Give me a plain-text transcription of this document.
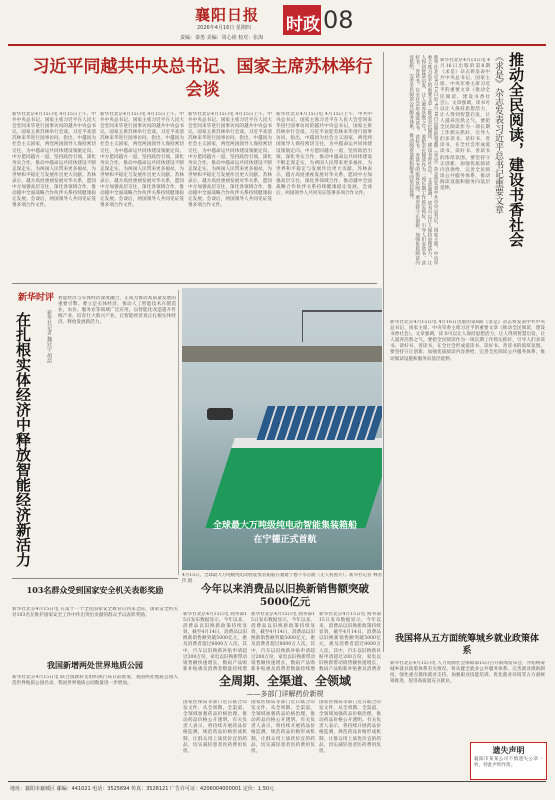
襄阳日报
2026年4月16日 星期四
责编：秦勇 美编：周心铭 校对：张海
时政 08
习近平同越共中央总书记、国家主席苏林举行会谈
新华社北京4月15日电 4月15日上午，中共中央总书记、国家主席习近平在人民大会堂同来华进行国事访问的越共中央总书记、国家主席苏林举行会谈。习近平欢迎苏林来华进行国事访问，指出，中越同为社会主义国家，两党两国领导人保持密切交往，为中越命运共同体建设领航定向。中方愿同越方一道，坚持政治引领，深化务实合作，推动中越命运共同体建设不断走深走实，为两国人民带来更多福祉，为世界和平稳定与发展作出更大贡献。苏林表示，越方高度重视发展对华关系，愿同中方加强高层交往，深化各领域合作，推动越中全面战略合作伙伴关系持续健康稳定发展。会谈后，两国领导人共同见证签署多项合作文件。
新华社北京4月15日电 4月15日上午，中共中央总书记、国家主席习近平在人民大会堂同来华进行国事访问的越共中央总书记、国家主席苏林举行会谈。习近平欢迎苏林来华进行国事访问，指出，中越同为社会主义国家，两党两国领导人保持密切交往，为中越命运共同体建设领航定向。中方愿同越方一道，坚持政治引领，深化务实合作，推动中越命运共同体建设不断走深走实，为两国人民带来更多福祉，为世界和平稳定与发展作出更大贡献。苏林表示，越方高度重视发展对华关系，愿同中方加强高层交往，深化各领域合作，推动越中全面战略合作伙伴关系持续健康稳定发展。会谈后，两国领导人共同见证签署多项合作文件。
新华社北京4月15日电 4月15日上午，中共中央总书记、国家主席习近平在人民大会堂同来华进行国事访问的越共中央总书记、国家主席苏林举行会谈。习近平欢迎苏林来华进行国事访问，指出，中越同为社会主义国家，两党两国领导人保持密切交往，为中越命运共同体建设领航定向。中方愿同越方一道，坚持政治引领，深化务实合作，推动中越命运共同体建设不断走深走实，为两国人民带来更多福祉，为世界和平稳定与发展作出更大贡献。苏林表示，越方高度重视发展对华关系，愿同中方加强高层交往，深化各领域合作，推动越中全面战略合作伙伴关系持续健康稳定发展。会谈后，两国领导人共同见证签署多项合作文件。
新华社北京4月15日电 4月15日上午，中共中央总书记、国家主席习近平在人民大会堂同来华进行国事访问的越共中央总书记、国家主席苏林举行会谈。习近平欢迎苏林来华进行国事访问，指出，中越同为社会主义国家，两党两国领导人保持密切交往，为中越命运共同体建设领航定向。中方愿同越方一道，坚持政治引领，深化务实合作，推动中越命运共同体建设不断走深走实，为两国人民带来更多福祉，为世界和平稳定与发展作出更大贡献。苏林表示，越方高度重视发展对华关系，愿同中方加强高层交往，深化各领域合作，推动越中全面战略合作伙伴关系持续健康稳定发展。会谈后，两国领导人共同见证签署多项合作文件。	新华社北京4月15日电 4月16日出版的第8期《求是》杂志将发表中共中央总书记、国家主席、中央军委主席习近平的重要文章《推动全民阅读，建设书香社会》。文章强调，读书可以让人保持思想活力，让人得到智慧启发，让人滋养浩然之气。要把全民阅读作为一项长期工作抓实抓好，引导人们多读书、读好书、善读书，在全社会形成爱读书、读好书、善读书的浓厚氛围。要坚持守正创新，加强优质阅读内容供给，完善全民阅读公共服务体系，推动阅读设施和服务向基层延伸。	《求是》杂志发表习近平总书记重要文章 推动全民阅读，建设书香社会
新华社北京4月15日电 4月16日出版的第8期《求是》杂志将发表中共中央总书记、国家主席、中央军委主席习近平的重要文章《推动全民阅读，建设书香社会》。文章强调，读书可以让人保持思想活力，让人得到智慧启发，让人滋养浩然之气。要把全民阅读作为一项长期工作抓实抓好，引导人们多读书、读好书、善读书，在全社会形成爱读书、读好书、善读书的浓厚氛围。要坚持守正创新，加强优质阅读内容供给，完善全民阅读公共服务体系，推动阅读设施和服务向基层延伸。
新华社北京4月15日电 4月16日出版的第8期《求是》杂志将发表中共中央总书记、国家主席、中央军委主席习近平的重要文章《推动全民阅读，建设书香社会》。文章强调，读书可以让人保持思想活力，让人得到智慧启发，让人滋养浩然之气。要把全民阅读作为一项长期工作抓实抓好，引导人们多读书、读好书、善读书，在全社会形成爱读书、读好书、善读书的浓厚氛围。要坚持守正创新，加强优质阅读内容供给，完善全民阅读公共服务体系，推动阅读设施和服务向基层延伸。
新华时评
在扎根实体经济中释放智能经济新活力	新华社记者 魏冠宇 胡喆
智能经济与实体经济深度融合，正成为推动高质量发展的重要引擎。要立足实体经济，推动人工智能技术在制造业、农业、服务业等领域广泛应用，以智能化改造提升传统产业，培育壮大新兴产业，让智能经济真正扎根实体经济，释放发展新活力。
全球最大万吨级纯电动智能集装箱船
在宁德正式首航
4月15日，全球最大万吨级纯电动智能集装箱船在福建宁德下水首航（无人机照片）。新华社记者 林善传 摄
今年以来消费品以旧换新销售额突破5000亿元
新华社北京4月15日电 商务部15日发布数据显示，今年以来，消费品以旧换新政策持续显效，截至4月14日，消费品以旧换新销售额突破5000亿元，惠及消费者超过8000万人次。其中，汽车以旧换新补贴申请超过200万份，家电以旧换新带动销售额快速增长，数码产品购新补贴惠及消费者数量持续增
新华社北京4月15日电 商务部15日发布数据显示，今年以来，消费品以旧换新政策持续显效，截至4月14日，消费品以旧换新销售额突破5000亿元，惠及消费者超过8000万人次。其中，汽车以旧换新补贴申请超过200万份，家电以旧换新带动销售额快速增长，数码产品购新补贴惠及消费者数量持续增
新华社北京4月15日电 商务部15日发布数据显示，今年以来，消费品以旧换新政策持续显效，截至4月14日，消费品以旧换新销售额突破5000亿元，惠及消费者超过8000万人次。其中，汽车以旧换新补贴申请超过200万份，家电以旧换新带动销售额快速增长，数码产品购新补贴惠及消费者
我国将从五方面统筹城乡就业政策体系
新华社北京4月15日电 人力资源社会保障部15日召开新闻发布会，介绍统筹城乡就业政策体系有关情况。将从健全就业公共服务体系、完善就业援助制度、强化重点群体就业支持、加强职业技能培训、优化就业环境等五方面统筹推进，促进高质量充分就业。
103名群众受到国家安全机关表彰奖励
新华社北京4月15日电 在第十一个全民国家安全教育日到来之际，国家安全机关对103名在维护国家安全工作中作出突出贡献的群众予以表彰奖励。
我国新增两处世界地质公园
新华社北京4月15日电 联合国教科文组织执行局日前批准，我国两处地质公园入选世界地质公园名录，我国世界地质公园数量进一步增加。	全周期、全渠道、全领域
——多部门详解药价新规
国家医保局等部门近日联合印发文件，从全周期、全渠道、全领域加强药品价格治理，推动药品价格公开透明。有关负责人表示，将持续开展药品价格监测，规范药品价格形成机制，让群众用上质优价宜的药品，切实减轻患者医药费用负担。
国家医保局等部门近日联合印发文件，从全周期、全渠道、全领域加强药品价格治理，推动药品价格公开透明。有关负责人表示，将持续开展药品价格监测，规范药品价格形成机制，让群众用上质优价宜的药品，切实减轻患者医药费用负担。
国家医保局等部门近日联合印发文件，从全周期、全渠道、全领域加强药品价格治理，推动药品价格公开透明。有关负责人表示，将持续开展药品价格监测，规范药品价格形成机制，让群众用上质优价宜的药品，切实减轻患者医药费用负担。	遗失声明
襄阳市某某公司不慎遗失公章一枚，特此声明作废。
地址：襄阳市襄城区 邮编：441021 电话：3525694 传真：3528121 广告许可证：4206004000001 定价：1.50元
